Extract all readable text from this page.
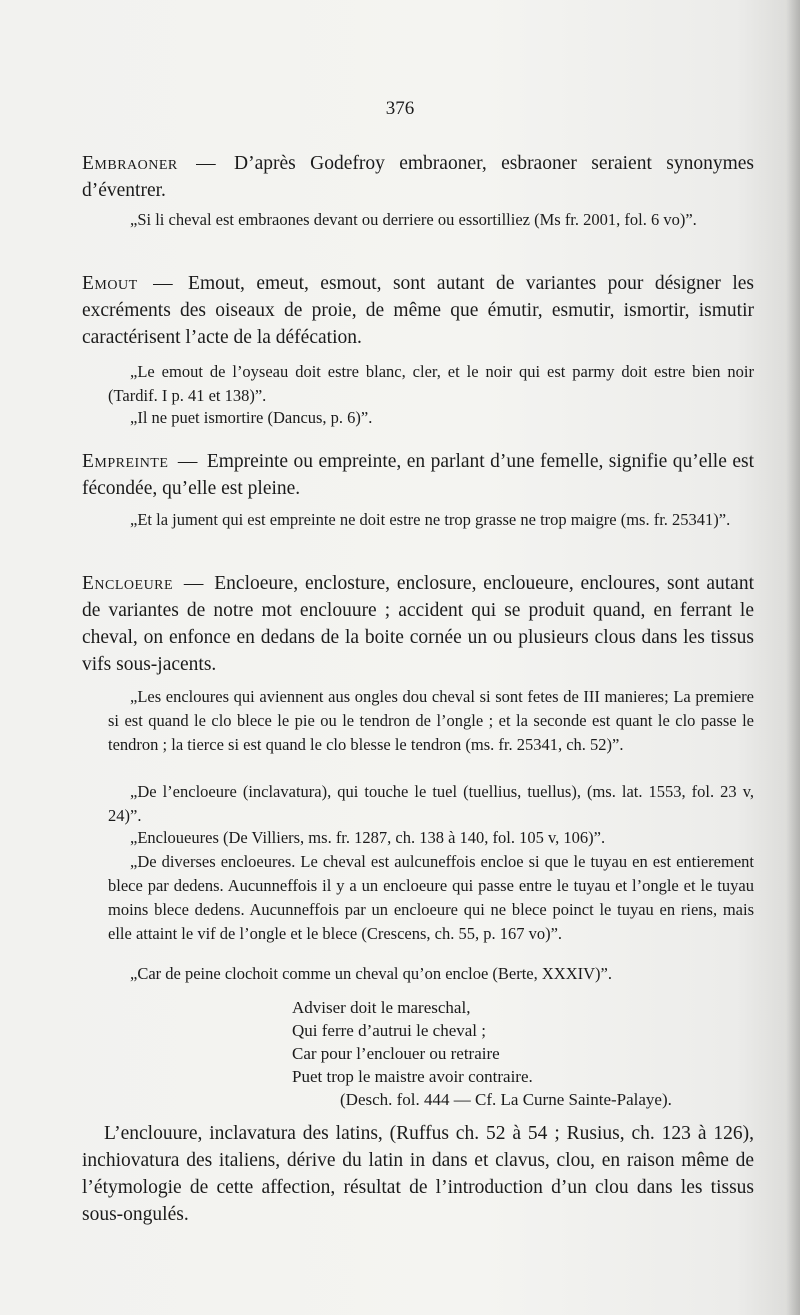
376
Embraoner — D’après Godefroy embraoner, esbraoner seraient synonymes d’éventrer.
„Si li cheval est embraones devant ou derriere ou essortilliez (Ms fr. 2001, fol. 6 vo)”.
Emout — Emout, emeut, esmout, sont autant de variantes pour désigner les excréments des oiseaux de proie, de même que émutir, esmutir, ismortir, ismutir caractérisent l’acte de la défécation.
„Le emout de l’oyseau doit estre blanc, cler, et le noir qui est parmy doit estre bien noir (Tardif. I p. 41 et 138)”.
„Il ne puet ismortire (Dancus, p. 6)”.
Empreinte — Empreinte ou empreinte, en parlant d’une femelle, signifie qu’elle est fécondée, qu’elle est pleine.
„Et la jument qui est empreinte ne doit estre ne trop grasse ne trop maigre (ms. fr. 25341)”.
Encloeure — Encloeure, enclosture, enclosure, encloueure, encloures, sont autant de variantes de notre mot enclouure ; accident qui se produit quand, en ferrant le cheval, on enfonce en dedans de la boite cornée un ou plusieurs clous dans les tissus vifs sous-jacents.
„Les encloures qui aviennent aus ongles dou cheval si sont fetes de III manieres; La premiere si est quand le clo blece le pie ou le tendron de l’ongle ; et la seconde est quant le clo passe le tendron ; la tierce si est quand le clo blesse le tendron (ms. fr. 25341, ch. 52)”.
„De l’encloeure (inclavatura), qui touche le tuel (tuellius, tuellus), (ms. lat. 1553, fol. 23 v, 24)”.
„Encloueures (De Villiers, ms. fr. 1287, ch. 138 à 140, fol. 105 v, 106)”.
„De diverses encloeures. Le cheval est aulcuneffois encloe si que le tuyau en est entierement blece par dedens. Aucunneffois il y a un encloeure qui passe entre le tuyau et l’ongle et le tuyau moins blece dedens. Aucunneffois par un encloeure qui ne blece poinct le tuyau en riens, mais elle attaint le vif de l’ongle et le blece (Crescens, ch. 55, p. 167 vo)”.
„Car de peine clochoit comme un cheval qu’on encloe (Berte, XXXIV)”.
Adviser doit le mareschal,
Qui ferre d’autrui le cheval ;
Car pour l’enclouer ou retraire
Puet trop le maistre avoir contraire.
(Desch. fol. 444 — Cf. La Curne Sainte-Palaye).
L’enclouure, inclavatura des latins, (Ruffus ch. 52 à 54 ; Rusius, ch. 123 à 126), inchiovatura des italiens, dérive du latin in dans et clavus, clou, en raison même de l’étymologie de cette affection, résultat de l’introduction d’un clou dans les tissus sous-ongulés.
